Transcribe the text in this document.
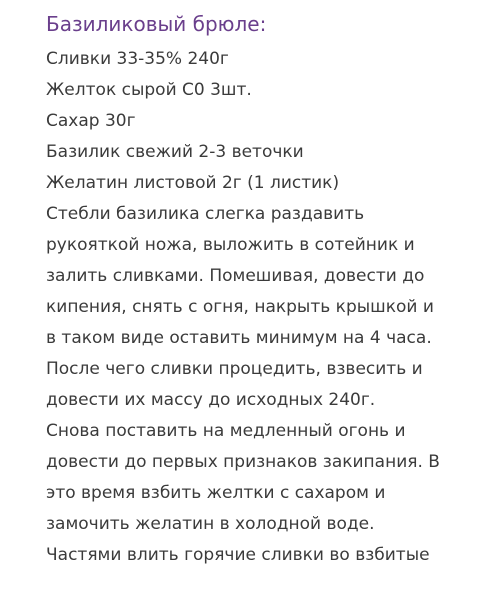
Базиликовый брюле:
Сливки 33-35% 240г
Желток сырой С0 3шт.
Сахар 30г
Базилик свежий 2-3 веточки
Желатин листовой 2г (1 листик)
Стебли базилика слегка раздавить
рукояткой ножа, выложить в сотейник и
залить сливками. Помешивая, довести до
кипения, снять с огня, накрыть крышкой и
в таком виде оставить минимум на 4 часа.
После чего сливки процедить, взвесить и
довести их массу до исходных 240г.
Снова поставить на медленный огонь и
довести до первых признаков закипания. В
это время взбить желтки с сахаром и
замочить желатин в холодной воде.
Частями влить горячие сливки во взбитые
